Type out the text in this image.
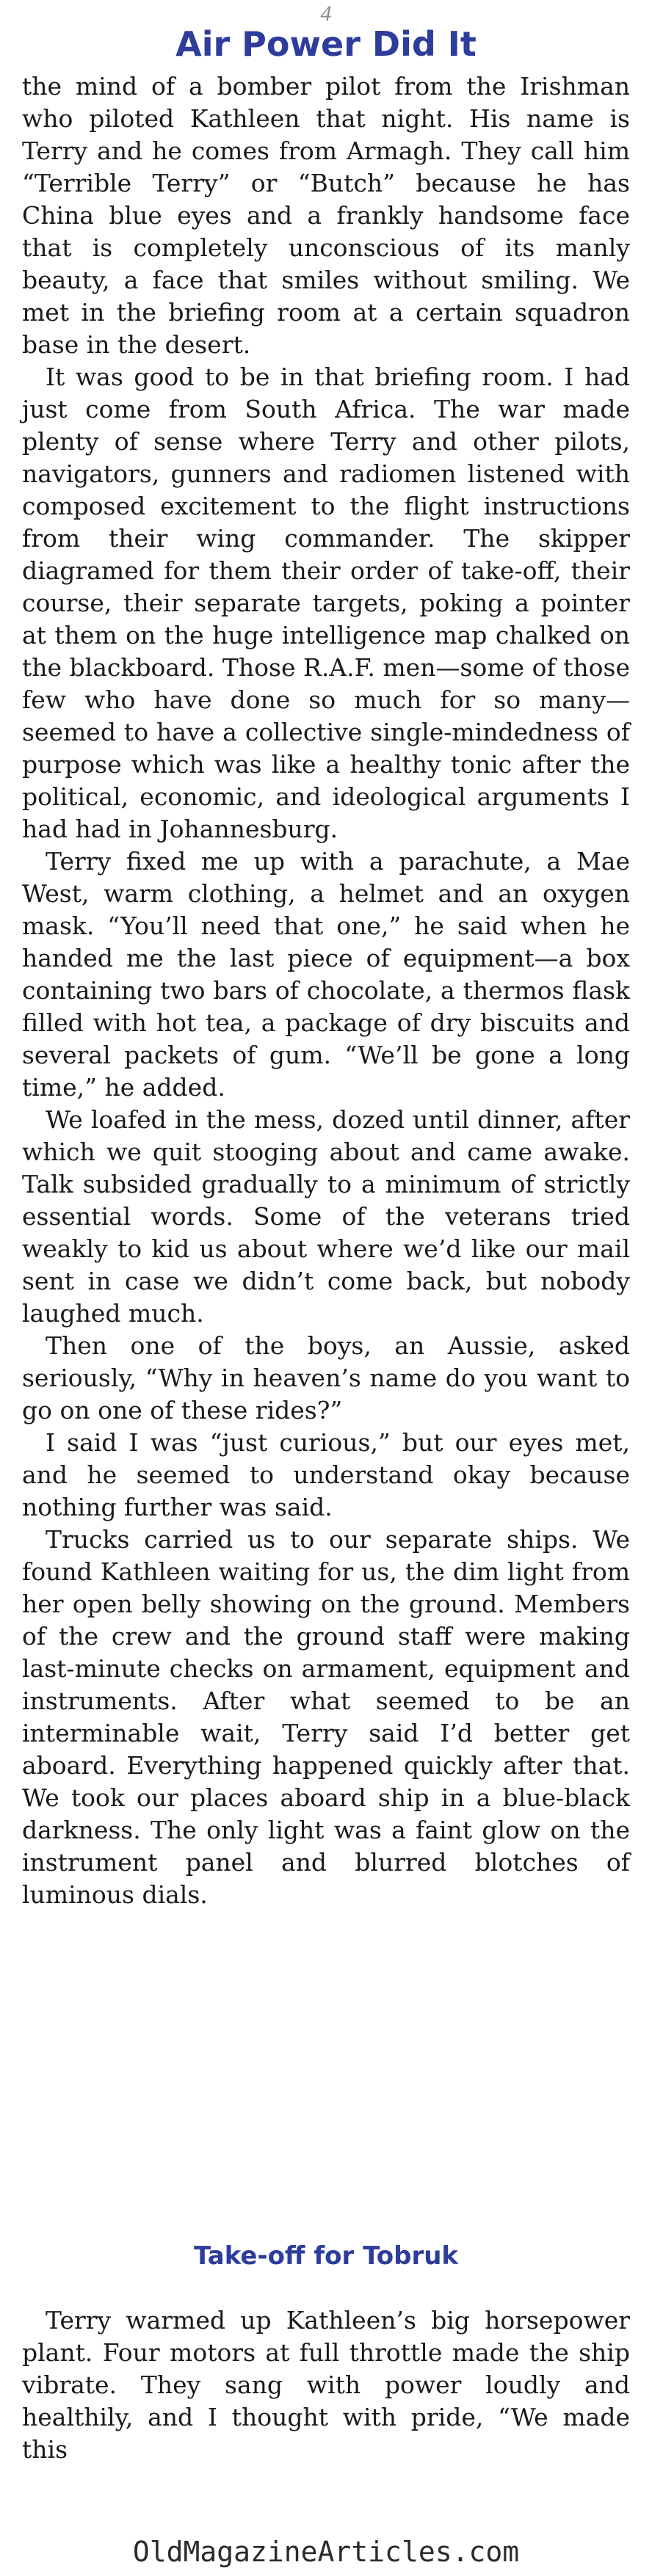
4
Air Power Did It

the mind of a bomber pilot from the Irishman who piloted Kathleen that night. His name is Terry and he comes from Armagh. They call him “Terrible Terry” or “Butch” because he has China blue eyes and a frankly handsome face that is completely unconscious of its manly beauty, a face that smiles without smiling. We met in the briefing room at a certain squadron base in the desert.

It was good to be in that briefing room. I had just come from South Africa. The war made plenty of sense where Terry and other pilots, navigators, gunners and radiomen listened with composed excitement to the flight instructions from their wing commander. The skipper diagramed for them their order of take-off, their course, their separate targets, poking a pointer at them on the huge intelligence map chalked on the blackboard. Those R.A.F. men—some of those few who have done so much for so many—seemed to have a collective single-mindedness of purpose which was like a healthy tonic after the political, economic, and ideological arguments I had had in Johannesburg.

Terry fixed me up with a parachute, a Mae West, warm clothing, a helmet and an oxygen mask. “You’ll need that one,” he said when he handed me the last piece of equipment—a box containing two bars of chocolate, a thermos flask filled with hot tea, a package of dry biscuits and several packets of gum. “We’ll be gone a long time,” he added.

We loafed in the mess, dozed until dinner, after which we quit stooging about and came awake. Talk subsided gradually to a minimum of strictly essential words. Some of the veterans tried weakly to kid us about where we’d like our mail sent in case we didn’t come back, but nobody laughed much.

Then one of the boys, an Aussie, asked seriously, “Why in heaven’s name do you want to go on one of these rides?”

I said I was “just curious,” but our eyes met, and he seemed to understand okay because nothing further was said.

Trucks carried us to our separate ships. We found Kathleen waiting for us, the dim light from her open belly showing on the ground. Members of the crew and the ground staff were making last-minute checks on armament, equipment and instruments. After what seemed to be an interminable wait, Terry said I’d better get aboard. Everything happened quickly after that. We took our places aboard ship in a blue-black darkness. The only light was a faint glow on the instrument panel and blurred blotches of luminous dials.

Take-off for Tobruk

Terry warmed up Kathleen’s big horsepower plant. Four motors at full throttle made the ship vibrate. They sang with power loudly and healthily, and I thought with pride, “We made this

OldMagazineArticles.com
